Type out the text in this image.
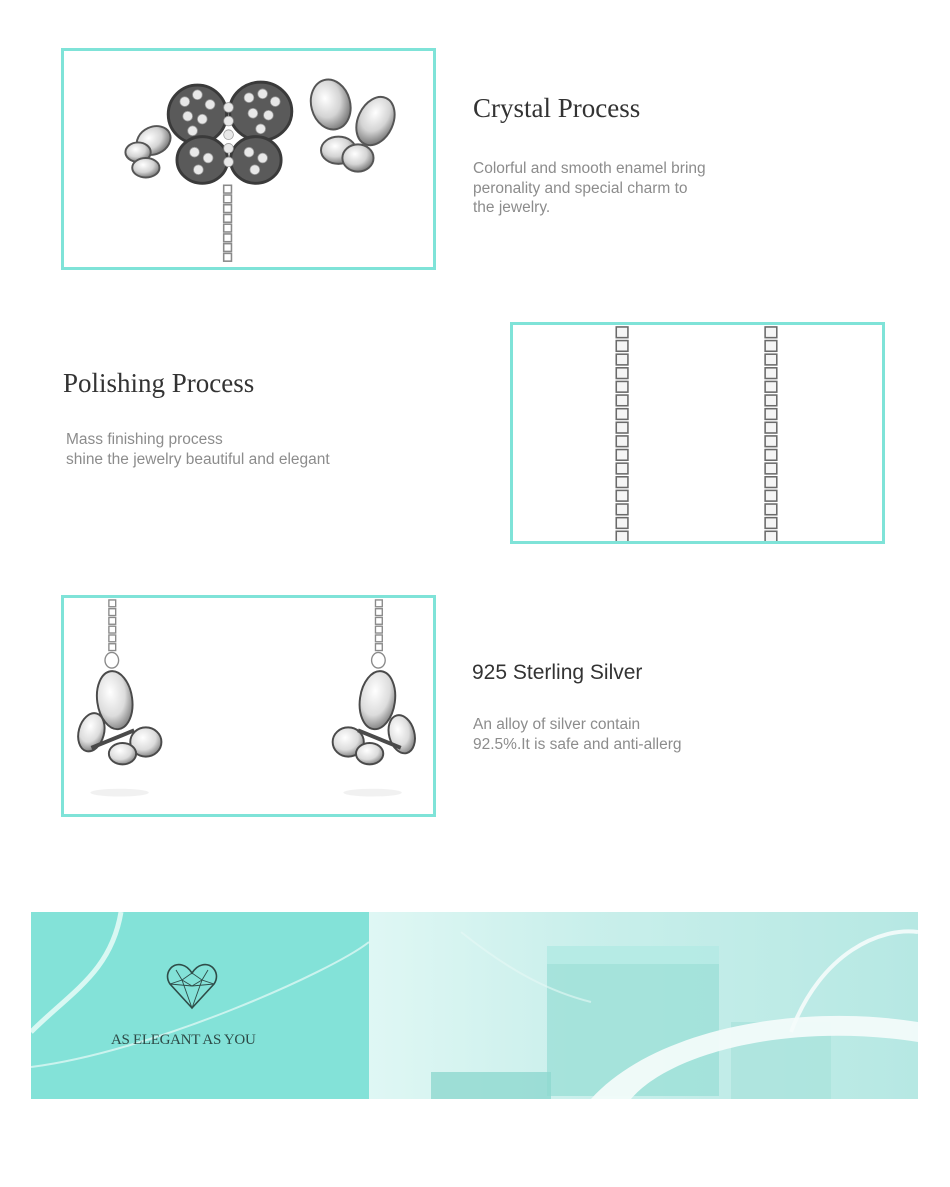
Crystal Process
Colorful and smooth enamel bring
peronality and special charm to
the jewelry.
Polishing Process
Mass finishing process
shine the jewelry beautiful and elegant
925 Sterling Silver
An alloy of silver contain
92.5%.It is safe and anti-allerg
AS ELEGANT AS YOU
